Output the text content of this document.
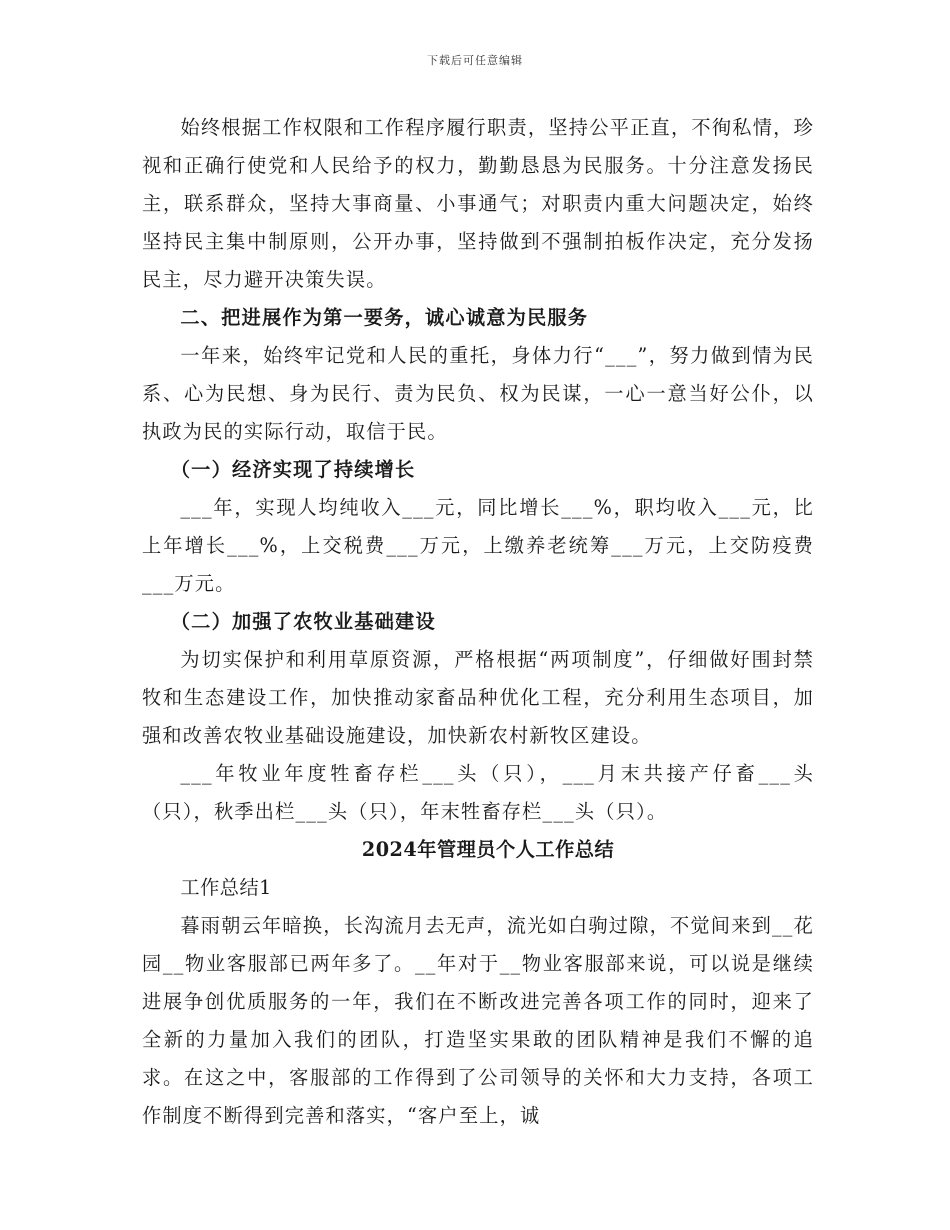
下载后可任意编辑

始终根据工作权限和工作程序履行职责，坚持公平正直，不徇私情，珍视和正确行使党和人民给予的权力，勤勤恳恳为民服务。十分注意发扬民主，联系群众，坚持大事商量、小事通气；对职责内重大问题决定，始终坚持民主集中制原则，公开办事，坚持做到不强制拍板作决定，充分发扬民主，尽力避开决策失误。

二、把进展作为第一要务，诚心诚意为民服务

一年来，始终牢记党和人民的重托，身体力行“___”，努力做到情为民系、心为民想、身为民行、责为民负、权为民谋，一心一意当好公仆，以执政为民的实际行动，取信于民。

（一）经济实现了持续增长

___年，实现人均纯收入___元，同比增长___%，职均收入___元，比上年增长___%，上交税费___万元，上缴养老统筹___万元，上交防疫费___万元。

（二）加强了农牧业基础建设

为切实保护和利用草原资源，严格根据“两项制度”，仔细做好围封禁牧和生态建设工作，加快推动家畜品种优化工程，充分利用生态项目，加强和改善农牧业基础设施建设，加快新农村新牧区建设。

___年牧业年度牲畜存栏___头（只），___月末共接产仔畜___头（只），秋季出栏___头（只），年末牲畜存栏___头（只）。

2024年管理员个人工作总结

工作总结1

暮雨朝云年暗换，长沟流月去无声，流光如白驹过隙，不觉间来到__花园__物业客服部已两年多了。__年对于__物业客服部来说，可以说是继续进展争创优质服务的一年，我们在不断改进完善各项工作的同时，迎来了全新的力量加入我们的团队，打造坚实果敢的团队精神是我们不懈的追求。在这之中，客服部的工作得到了公司领导的关怀和大力支持，各项工作制度不断得到完善和落实，“客户至上，诚
